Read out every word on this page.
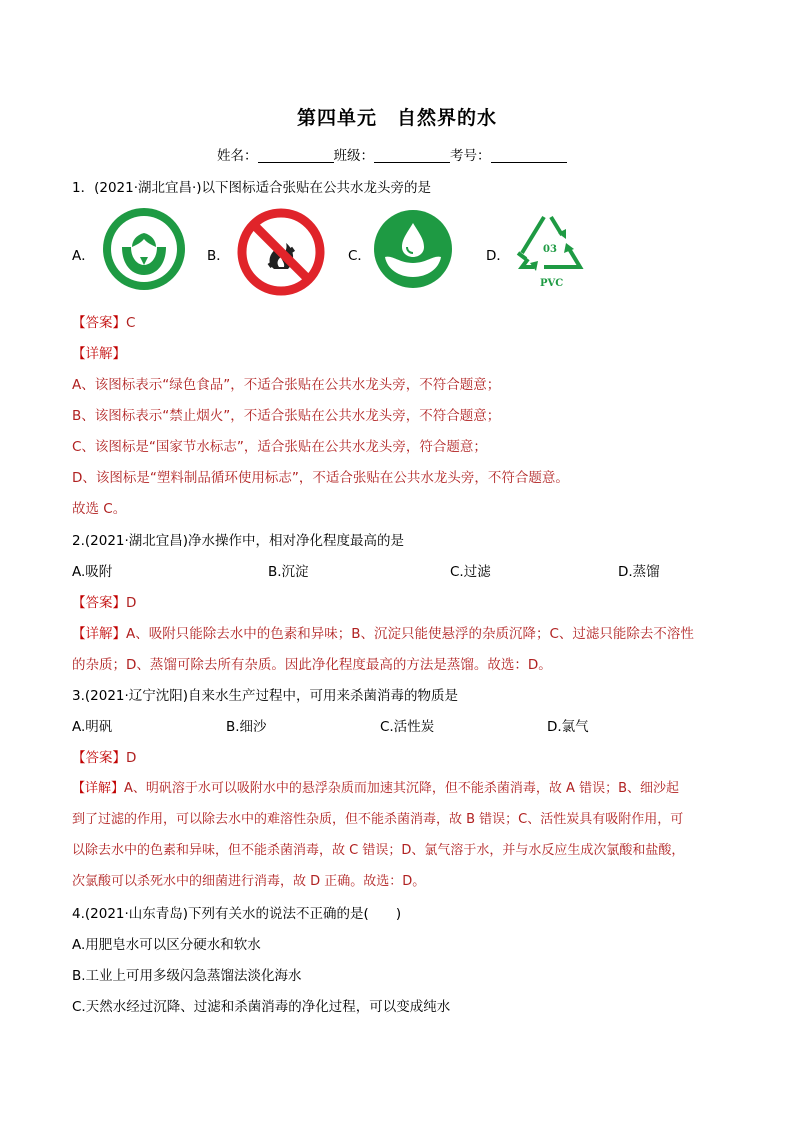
第四单元　自然界的水
姓名：	班级：	考号：
1．(2021·湖北宜昌·)以下图标适合张贴在公共水龙头旁的是
A．	B．	C．	D．	03
PVC
【答案】C
【详解】
A、该图标表示“绿色食品”，不适合张贴在公共水龙头旁，不符合题意；
B、该图标表示“禁止烟火”，不适合张贴在公共水龙头旁，不符合题意；
C、该图标是“国家节水标志”，适合张贴在公共水龙头旁，符合题意；
D、该图标是“塑料制品循环使用标志”，不适合张贴在公共水龙头旁，不符合题意。
故选 C。
2.(2021·湖北宜昌)净水操作中，相对净化程度最高的是
A.吸附	B.沉淀	C.过滤	D.蒸馏
【答案】D
【详解】A、吸附只能除去水中的色素和异味；B、沉淀只能使悬浮的杂质沉降；C、过滤只能除去不溶性
的杂质；D、蒸馏可除去所有杂质。因此净化程度最高的方法是蒸馏。故选：D。
3.(2021·辽宁沈阳)自来水生产过程中，可用来杀菌消毒的物质是
A.明矾	B.细沙	C.活性炭	D.氯气
【答案】D
【详解】A、明矾溶于水可以吸附水中的悬浮杂质而加速其沉降，但不能杀菌消毒，故 A 错误；B、细沙起
到了过滤的作用，可以除去水中的难溶性杂质，但不能杀菌消毒，故 B 错误；C、活性炭具有吸附作用，可
以除去水中的色素和异味，但不能杀菌消毒，故 C 错误；D、氯气溶于水，并与水反应生成次氯酸和盐酸，
次氯酸可以杀死水中的细菌进行消毒，故 D 正确。故选：D。
4.(2021·山东青岛)下列有关水的说法不正确的是(　　)
A.用肥皂水可以区分硬水和软水
B.工业上可用多级闪急蒸馏法淡化海水
C.天然水经过沉降、过滤和杀菌消毒的净化过程，可以变成纯水
